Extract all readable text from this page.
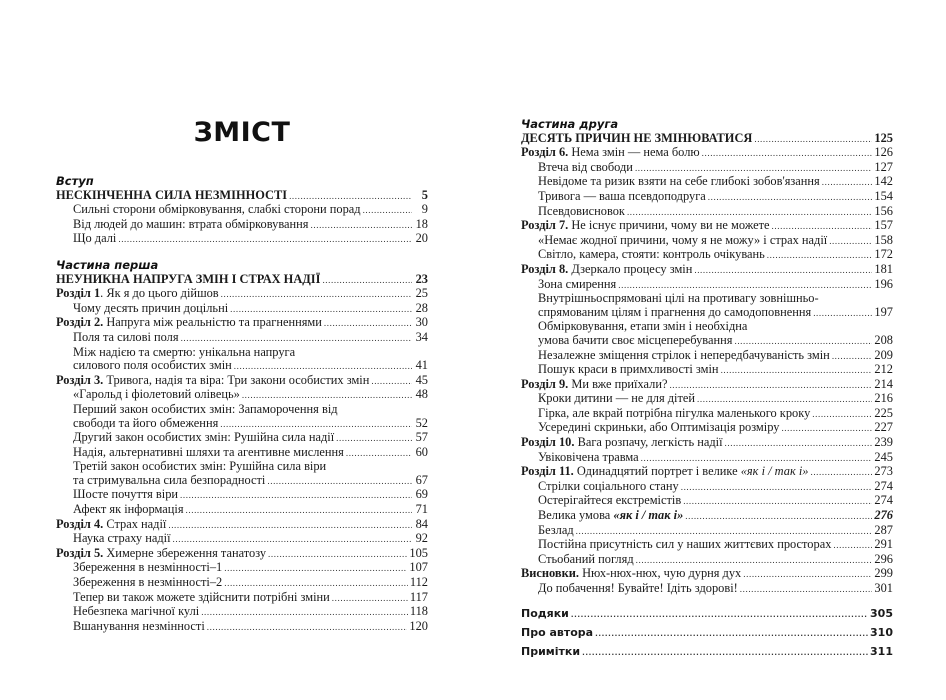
ЗМІСТ
Вступ
НЕСКІНЧЕННА СИЛА НЕЗМІННОСТІ .....	5
Сильні сторони обмірковування, слабкі сторони порад .....	9
Від людей до машин: втрата обмірковування .....	18
Що далі .....	20
Частина перша
НЕУНИКНА НАПРУГА ЗМІН І СТРАХ НАДІЇ .....	23
Розділ 1. Як я до цього дійшов .....	25
Чому десять причин доцільні .....	28
Розділ 2. Напруга між реальністю та прагненнями .....	30
Поля та силові поля .....	34
Між надією та смертю: унікальна напруга
силового поля особистих змін .....	41
Розділ 3. Тривога, надія та віра: Три закони особистих змін .....	45
«Гарольд і фіолетовий олівець» .....	48
Перший закон особистих змін: Запаморочення від
свободи та його обмеження .....	52
Другий закон особистих змін: Рушійна сила надії .....	57
Надія, альтернативні шляхи та агентивне мислення .....	60
Третій закон особистих змін: Рушійна сила віри
та стримувальна сила безпорадності .....	67
Шосте почуття віри .....	69
Афект як інформація .....	71
Розділ 4. Страх надії .....	84
Наука страху надії .....	92
Розділ 5. Химерне збереження танатозу .....	105
Збереження в незмінності–1 .....	107
Збереження в незмінності–2 .....	112
Тепер ви також можете здійснити потрібні зміни .....	117
Небезпека магічної кулі .....	118
Вшанування незмінності .....	120
Частина друга
ДЕСЯТЬ ПРИЧИН НЕ ЗМІНЮВАТИСЯ .....	125
Розділ 6. Нема змін — нема болю .....	126
Втеча від свободи .....	127
Невідоме та ризик взяти на себе глибокі зобов'язання .....	142
Тривога — ваша псевдоподруга .....	154
Псевдовисновок .....	156
Розділ 7. Не існує причини, чому ви не можете .....	157
«Немає жодної причини, чому я не можу» і страх надії .....	158
Світло, камера, стояти: контроль очікувань .....	172
Розділ 8. Дзеркало процесу змін .....	181
Зона смирення .....	196
Внутрішньоспрямовані цілі на противагу зовнішньо-
спрямованим цілям і прагнення до самодоповнення .....	197
Обмірковування, етапи змін і необхідна
умова бачити своє місцеперебування .....	208
Незалежне зміщення стрілок і непередбачуваність змін .....	209
Пошук краси в примхливості змін .....	212
Розділ 9. Ми вже приїхали? .....	214
Кроки дитини — не для дітей .....	216
Гірка, але вкрай потрібна пігулка маленького кроку .....	225
Усередині скриньки, або Оптимізація розміру .....	227
Розділ 10. Вага розпачу, легкість надії .....	239
Увіковічена травма .....	245
Розділ 11. Одинадцятий портрет і велике «як і / так і» .....	273
Стрілки соціального стану .....	274
Остерігайтеся екстремістів .....	274
Велика умова «як і / так і» .....	276
Безлад .....	287
Постійна присутність сил у наших життєвих просторах .....	291
Стьобаний погляд .....	296
Висновки. Нюх-нюх-нюх, чую дурня дух .....	299
До побачення! Бувайте! Ідіть здорові! .....	301
Подяки .....	305
Про автора .....	310
Примітки .....	311
